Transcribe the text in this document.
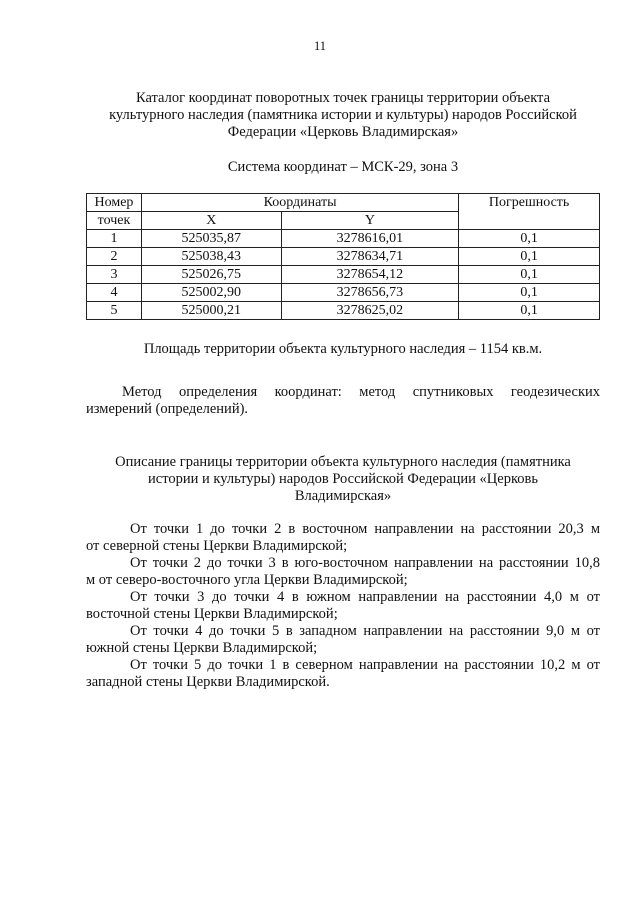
11
Каталог координат поворотных точек границы территории объекта
культурного наследия (памятника истории и культуры) народов Российской
Федерации «Церковь Владимирская»
Система координат – МСК-29, зона 3
Номер	Координаты		Погрешность
точек	X	Y	
1	525035,87	3278616,01	0,1
2	525038,43	3278634,71	0,1
3	525026,75	3278654,12	0,1
4	525002,90	3278656,73	0,1
5	525000,21	3278625,02	0,1
Площадь территории объекта культурного наследия – 1154 кв.м.
Метод определения координат: метод спутниковых геодезических
измерений (определений).
Описание границы территории объекта культурного наследия (памятника
истории и культуры) народов Российской Федерации «Церковь
Владимирская»
От точки 1 до точки 2 в восточном направлении на расстоянии 20,3 м
от северной стены Церкви Владимирской;
От точки 2 до точки 3 в юго-восточном направлении на расстоянии 10,8
м от северо-восточного угла Церкви Владимирской;
От точки 3 до точки 4 в южном направлении на расстоянии 4,0 м от
восточной стены Церкви Владимирской;
От точки 4 до точки 5 в западном направлении на расстоянии 9,0 м от
южной стены Церкви Владимирской;
От точки 5 до точки 1 в северном направлении на расстоянии 10,2 м от
западной стены Церкви Владимирской.
